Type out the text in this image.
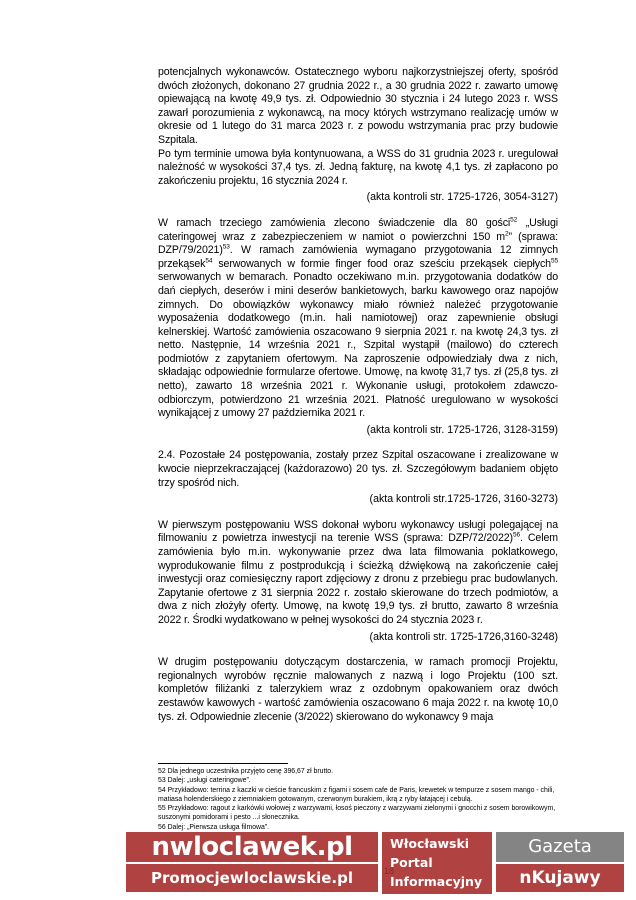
potencjalnych wykonawców. Ostatecznego wyboru najkorzystniejszej oferty, spośród dwóch złożonych, dokonano 27 grudnia 2022 r., a 30 grudnia 2022 r. zawarto umowę opiewającą na kwotę 49,9 tys. zł. Odpowiednio 30 stycznia i 24 lutego 2023 r. WSS zawarł porozumienia z wykonawcą, na mocy których wstrzymano realizację umów w okresie od 1 lutego do 31 marca 2023 r. z powodu wstrzymania prac przy budowie Szpitala.

Po tym terminie umowa była kontynuowana, a WSS do 31 grudnia 2023 r. uregulował należność w wysokości 37,4 tys. zł. Jedną fakturę, na kwotę 4,1 tys. zł zapłacono po zakończeniu projektu, 16 stycznia 2024 r.

(akta kontroli str. 1725-1726, 3054-3127)

W ramach trzeciego zamówienia zlecono świadczenie dla 80 gości$^{52}$ „Usługi cateringowej wraz z zabezpieczeniem w namiot o powierzchni 150 $m^2$” (sprawa: DZP/79/2021)$^{53}$. W ramach zamówienia wymagano przygotowania 12 zimnych przekąsek$^{54}$ serwowanych w formie finger food oraz sześciu przekąsek ciepłych$^{55}$ serwowanych w bemarach. Ponadto oczekiwano m.in. przygotowania dodatków do dań ciepłych, deserów i mini deserów bankietowych, barku kawowego oraz napojów zimnych. Do obowiązków wykonawcy miało również należeć przygotowanie wyposażenia dodatkowego (m.in. hali namiotowej) oraz zapewnienie obsługi kelnerskiej. Wartość zamówienia oszacowano 9 sierpnia 2021 r. na kwotę 24,3 tys. zł netto. Następnie, 14 września 2021 r., Szpital wystąpił (mailowo) do czterech podmiotów z zapytaniem ofertowym. Na zaproszenie odpowiedziały dwa z nich, składając odpowiednie formularze ofertowe. Umowę, na kwotę 31,7 tys. zł (25,8 tys. zł netto), zawarto 18 września 2021 r. Wykonanie usługi, protokołem zdawczo-odbiorczym, potwierdzono 21 września 2021. Płatność uregulowano w wysokości wynikającej z umowy 27 października 2021 r.

(akta kontroli str. 1725-1726, 3128-3159)

2.4. Pozostałe 24 postępowania, zostały przez Szpital oszacowane i zrealizowane w kwocie nieprzekraczającej (każdorazowo) 20 tys. zł. Szczegółowym badaniem objęto trzy spośród nich.

(akta kontroli str.1725-1726, 3160-3273)

W pierwszym postępowaniu WSS dokonał wyboru wykonawcy usługi polegającej na filmowaniu z powietrza inwestycji na terenie WSS (sprawa: DZP/72/2022)$^{56}$. Celem zamówienia było m.in. wykonywanie przez dwa lata filmowania poklatkowego, wyprodukowanie filmu z postprodukcją i ścieżką dźwiękową na zakończenie całej inwestycji oraz comiesięczny raport zdjęciowy z dronu z przebiegu prac budowlanych. Zapytanie ofertowe z 31 sierpnia 2022 r. zostało skierowane do trzech podmiotów, a dwa z nich złożyły oferty. Umowę, na kwotę 19,9 tys. zł brutto, zawarto 8 września 2022 r. Środki wydatkowano w pełnej wysokości do 24 stycznia 2023 r.

(akta kontroli str. 1725-1726,3160-3248)

W drugim postępowaniu dotyczącym dostarczenia, w ramach promocji Projektu, regionalnych wyrobów ręcznie malowanych z nazwą i logo Projektu (100 szt. kompletów filiżanki z talerzykiem wraz z ozdobnym opakowaniem oraz dwóch zestawów kawowych - wartość zamówienia oszacowano 6 maja 2022 r. na kwotę 10,0 tys. zł. Odpowiednie zlecenie (3/2022) skierowano do wykonawcy 9 maja

52 Dla jednego uczestnika przyjęto cenę 396,67 zł brutto.

53 Dalej: „usługi cateringowe”.

54 Przykładowo: terrina z kaczki w cieście francuskim z figami i sosem cafe de Paris, krewetek w tempurze z sosem mango - chili, matiasa holenderskiego z ziemniakiem gotowanym, czerwonym burakiem, ikrą z ryby łatającej i cebulą.

55 Przykładowo: ragout z karkówki wołowej z warzywami, łosoś pieczony z warzywami zielonymi i gnocchi z sosem borowikowym, suszonymi pomidorami i pesto ...i słonecznika.

56 Dalej: „Pierwsza usługa filmowa”.

nwloclawek.pl
Promocjewloclawskie.pl
Włocławski
Portal
Informacyjny
Gazeta
nKujawy
